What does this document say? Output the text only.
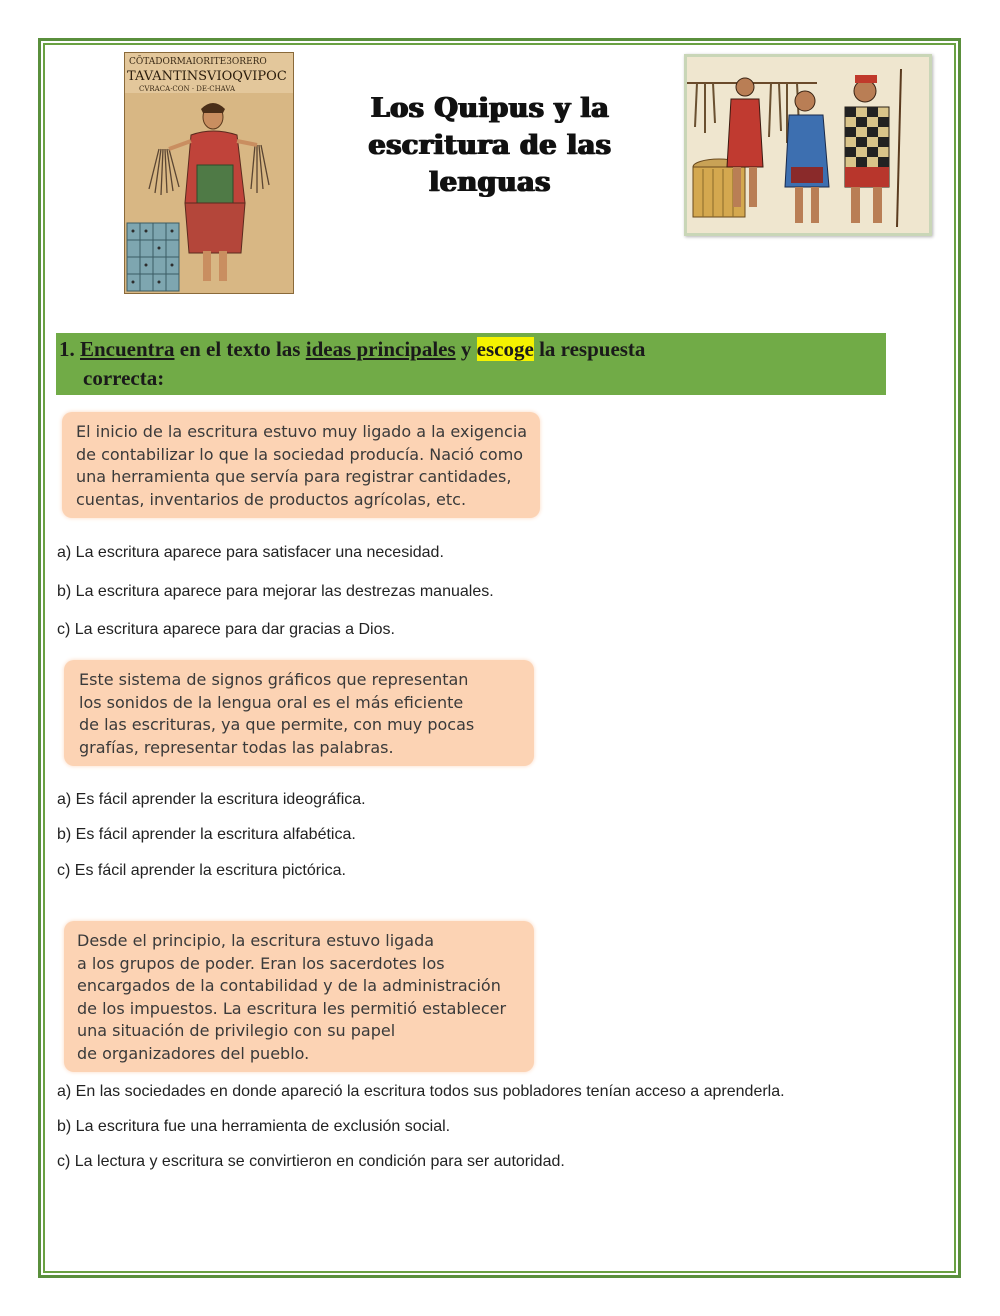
CŌTADORMAIORITE3ORERO
TAVANTINSVIOQVIPOC
CVRACA·CON · DE·CHAVA
Los Quipus y la
escritura de las
lenguas
1. Encuentra en el texto las ideas principales y escoge la respuesta
correcta:
El inicio de la escritura estuvo muy ligado a la exigencia
de contabilizar lo que la sociedad producía. Nació como
una herramienta que servía para registrar cantidades,
cuentas, inventarios de productos agrícolas, etc.
a) La escritura aparece para satisfacer una necesidad.
b) La escritura aparece para mejorar las destrezas manuales.
c) La escritura aparece para dar gracias a Dios.
Este sistema de signos gráficos que representan
los sonidos de la lengua oral es el más eficiente
de las escrituras, ya que permite, con muy pocas
grafías, representar todas las palabras.
a) Es fácil aprender la escritura ideográfica.
b) Es fácil aprender la escritura alfabética.
c) Es fácil aprender la escritura pictórica.
Desde el principio, la escritura estuvo ligada
a los grupos de poder. Eran los sacerdotes los
encargados de la contabilidad y de la administración
de los impuestos. La escritura les permitió establecer
una situación de privilegio con su papel
de organizadores del pueblo.
a) En las sociedades en donde apareció la escritura todos sus pobladores tenían acceso a aprenderla.
b) La escritura fue una herramienta de exclusión social.
c) La lectura y escritura se convirtieron en condición para ser autoridad.
